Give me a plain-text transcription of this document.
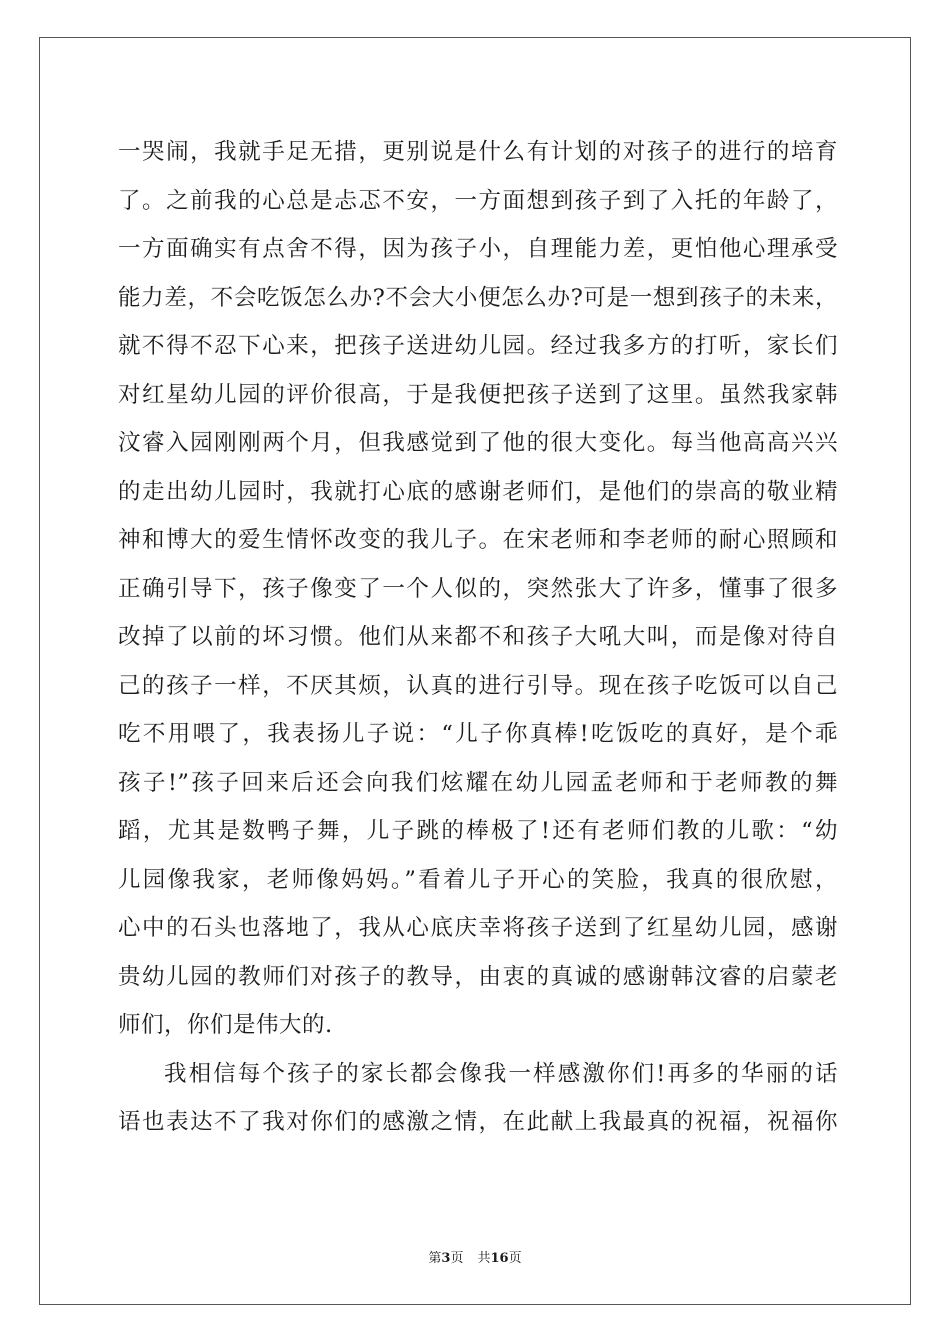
一哭闹，我就手足无措，更别说是什么有计划的对孩子的进行的培育
了。之前我的心总是忐忑不安，一方面想到孩子到了入托的年龄了，
一方面确实有点舍不得，因为孩子小，自理能力差，更怕他心理承受
能力差，不会吃饭怎么办?不会大小便怎么办?可是一想到孩子的未来，
就不得不忍下心来，把孩子送进幼儿园。经过我多方的打听，家长们
对红星幼儿园的评价很高，于是我便把孩子送到了这里。虽然我家韩
汶睿入园刚刚两个月，但我感觉到了他的很大变化。每当他高高兴兴
的走出幼儿园时，我就打心底的感谢老师们，是他们的崇高的敬业精
神和博大的爱生情怀改变的我儿子。在宋老师和李老师的耐心照顾和
正确引导下，孩子像变了一个人似的，突然张大了许多，懂事了很多
改掉了以前的坏习惯。他们从来都不和孩子大吼大叫，而是像对待自
己的孩子一样，不厌其烦，认真的进行引导。现在孩子吃饭可以自己
吃不用喂了，我表扬儿子说：“儿子你真棒!吃饭吃的真好，是个乖
孩子!”孩子回来后还会向我们炫耀在幼儿园孟老师和于老师教的舞
蹈，尤其是数鸭子舞，儿子跳的棒极了!还有老师们教的儿歌：“幼
儿园像我家，老师像妈妈。”看着儿子开心的笑脸，我真的很欣慰，
心中的石头也落地了，我从心底庆幸将孩子送到了红星幼儿园，感谢
贵幼儿园的教师们对孩子的教导，由衷的真诚的感谢韩汶睿的启蒙老
师们，你们是伟大的.
我相信每个孩子的家长都会像我一样感激你们!再多的华丽的话
语也表达不了我对你们的感激之情，在此献上我最真的祝福，祝福你
第3页 共16页
